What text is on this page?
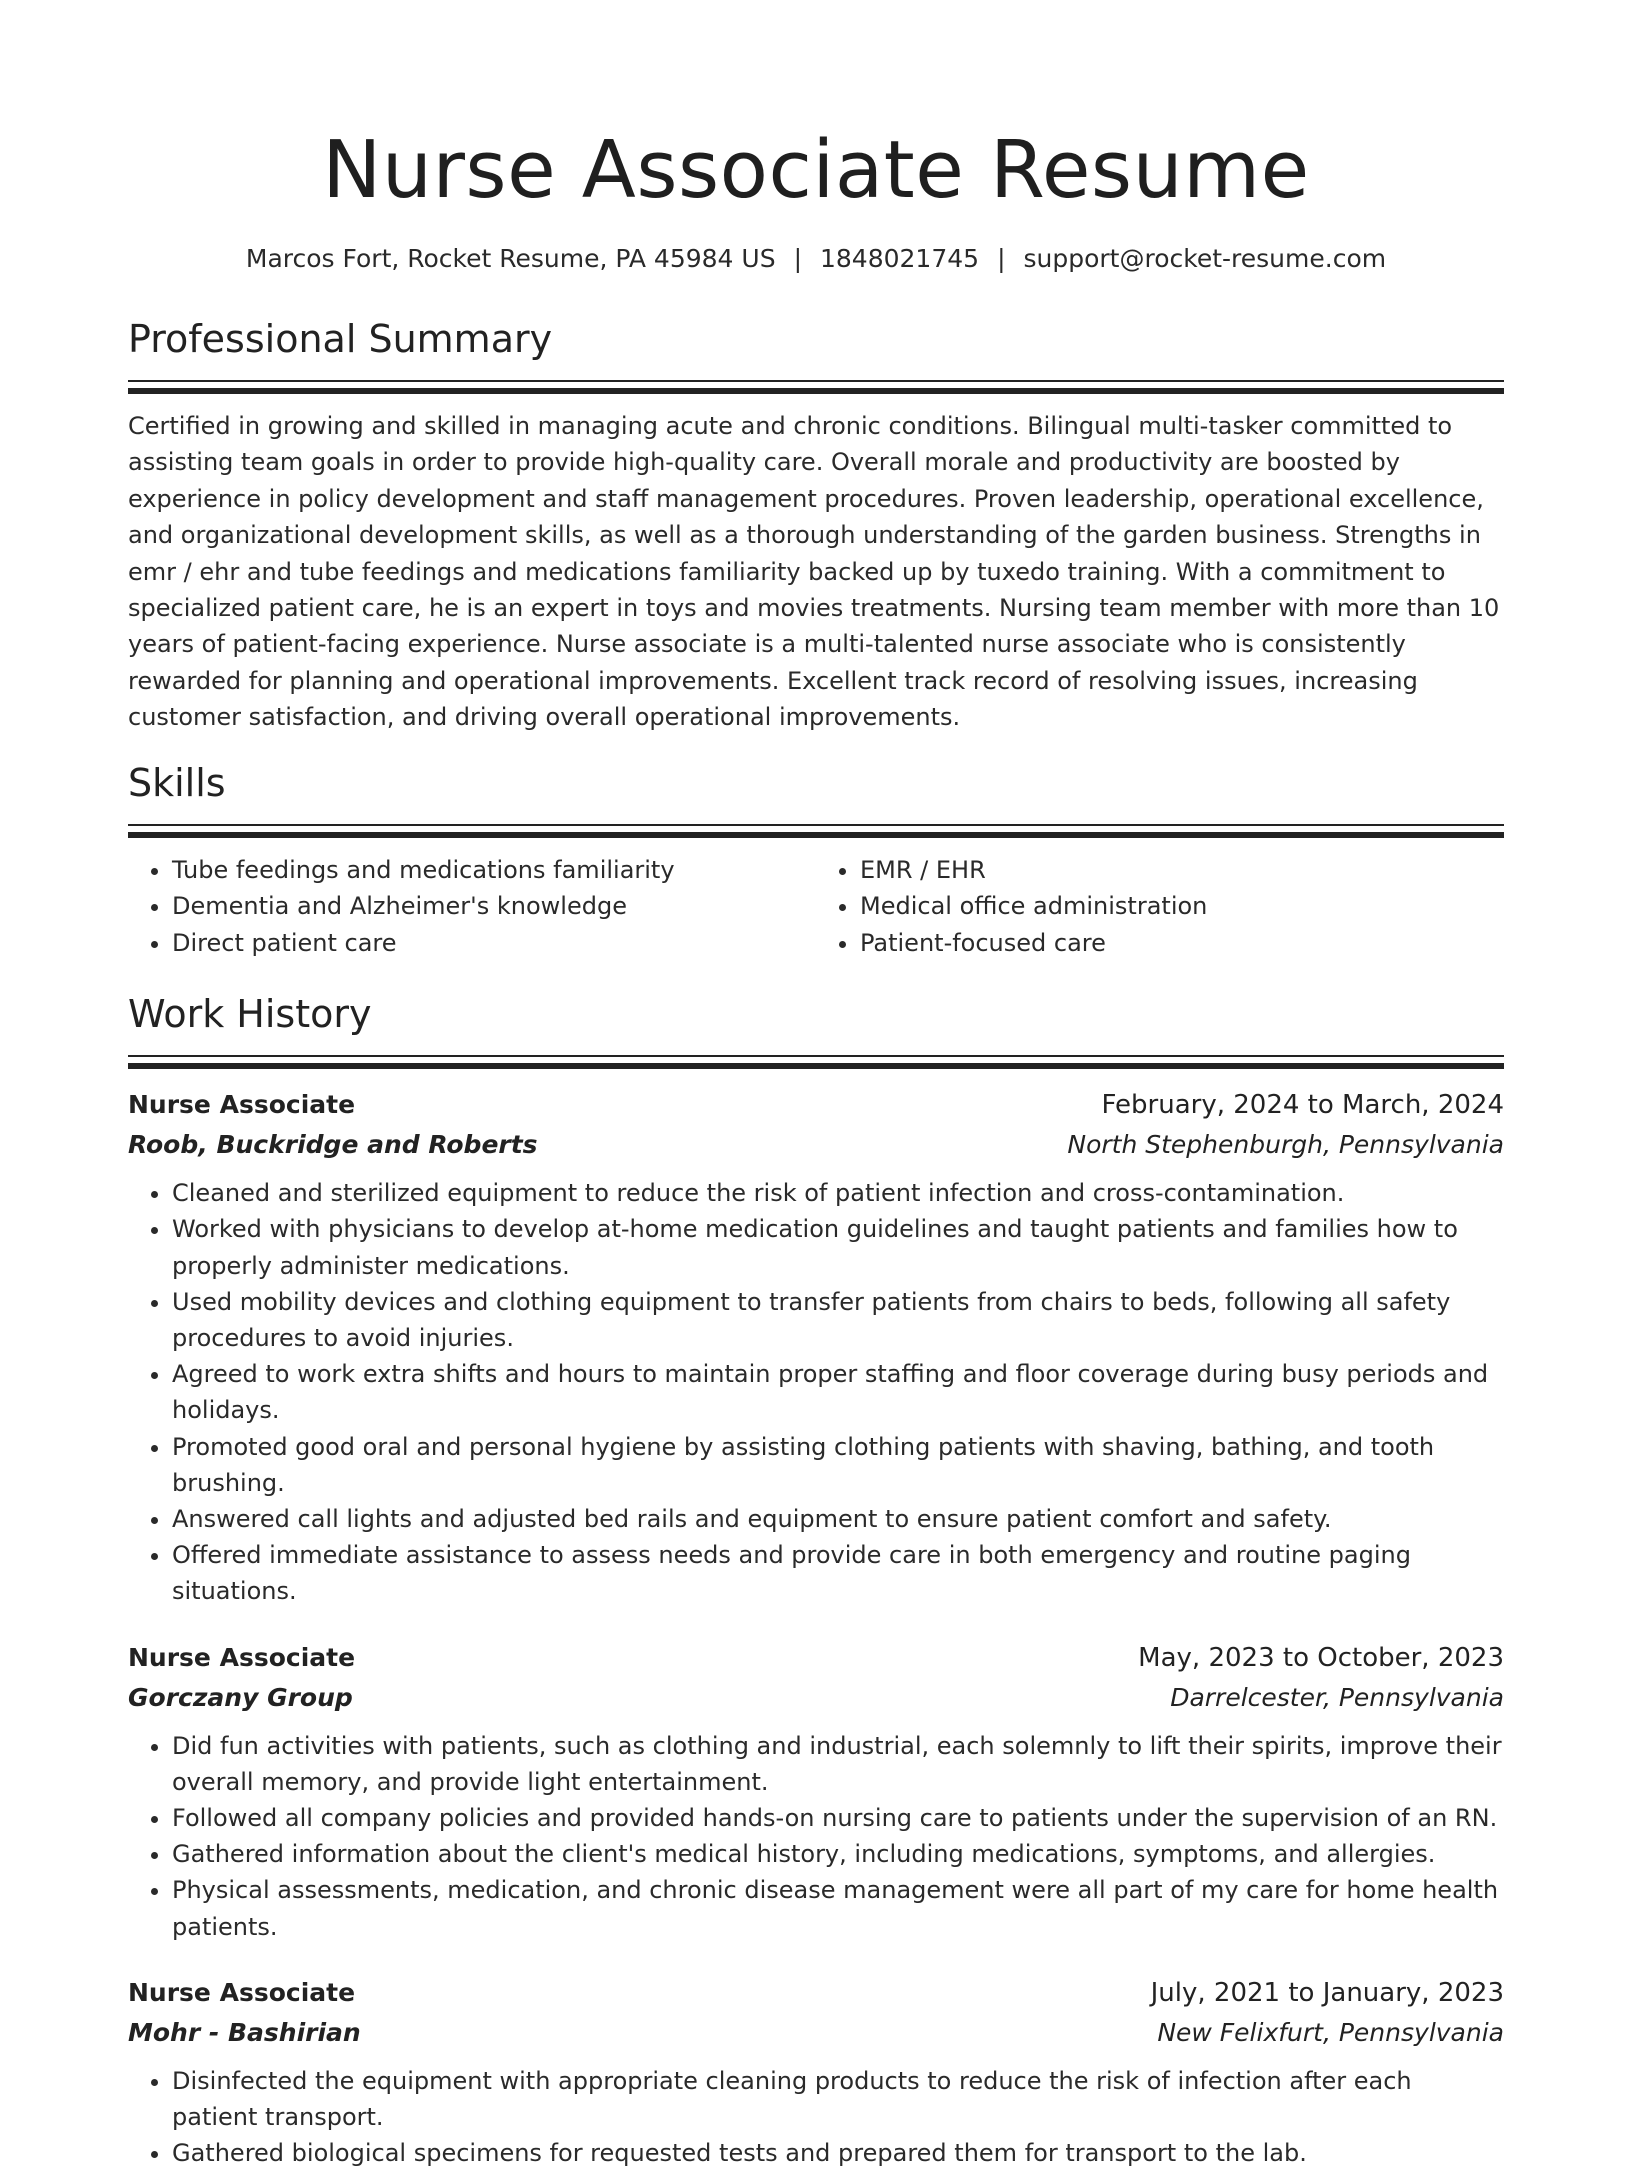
Nurse Associate Resume
Marcos Fort, Rocket Resume, PA 45984 US | 1848021745 | support@rocket-resume.com
Professional Summary

Certified in growing and skilled in managing acute and chronic conditions. Bilingual multi-tasker committed to assisting team goals in order to provide high-quality care. Overall morale and productivity are boosted by experience in policy development and staff management procedures. Proven leadership, operational excellence, and organizational development skills, as well as a thorough understanding of the garden business. Strengths in emr / ehr and tube feedings and medications familiarity backed up by tuxedo training. With a commitment to specialized patient care, he is an expert in toys and movies treatments. Nursing team member with more than 10 years of patient-facing experience. Nurse associate is a multi-talented nurse associate who is consistently rewarded for planning and operational improvements. Excellent track record of resolving issues, increasing customer satisfaction, and driving overall operational improvements.

Skills
• Tube feedings and medications familiarity
• Dementia and Alzheimer's knowledge
• Direct patient care
• EMR / EHR
• Medical office administration
• Patient-focused care
Work History
Nurse Associate	February, 2024 to March, 2024
Roob, Buckridge and Roberts	North Stephenburgh, Pennsylvania
• Cleaned and sterilized equipment to reduce the risk of patient infection and cross-contamination.
• Worked with physicians to develop at-home medication guidelines and taught patients and families how to properly administer medications.
• Used mobility devices and clothing equipment to transfer patients from chairs to beds, following all safety procedures to avoid injuries.
• Agreed to work extra shifts and hours to maintain proper staffing and floor coverage during busy periods and holidays.
• Promoted good oral and personal hygiene by assisting clothing patients with shaving, bathing, and tooth brushing.
• Answered call lights and adjusted bed rails and equipment to ensure patient comfort and safety.
• Offered immediate assistance to assess needs and provide care in both emergency and routine paging situations.
Nurse Associate	May, 2023 to October, 2023
Gorczany Group	Darrelcester, Pennsylvania
• Did fun activities with patients, such as clothing and industrial, each solemnly to lift their spirits, improve their overall memory, and provide light entertainment.
• Followed all company policies and provided hands-on nursing care to patients under the supervision of an RN.
• Gathered information about the client's medical history, including medications, symptoms, and allergies.
• Physical assessments, medication, and chronic disease management were all part of my care for home health patients.
Nurse Associate	July, 2021 to January, 2023
Mohr - Bashirian	New Felixfurt, Pennsylvania
• Disinfected the equipment with appropriate cleaning products to reduce the risk of infection after each patient transport.
• Gathered biological specimens for requested tests and prepared them for transport to the lab.
